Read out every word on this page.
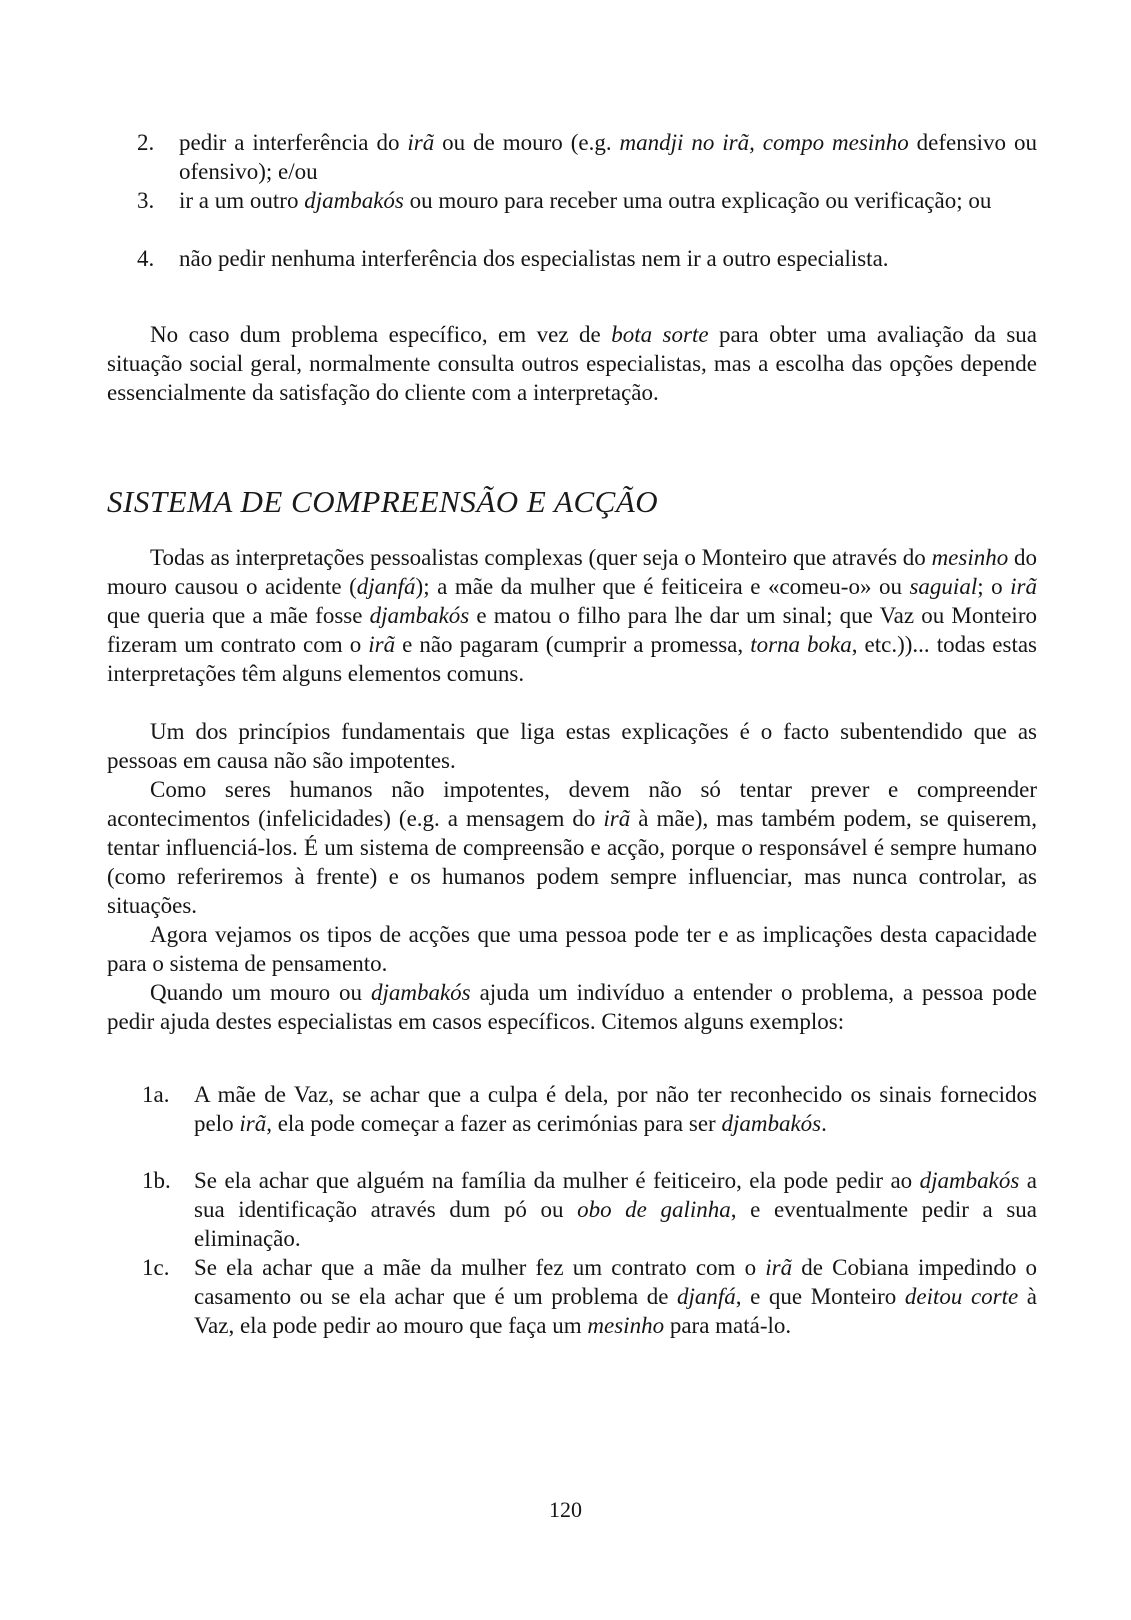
2.	pedir a interferência do irã ou de mouro (e.g. mandji no irã, compo mesinho defensivo ou ofensivo); e/ou
3.	ir a um outro djambakós ou mouro para receber uma outra explicação ou verificação; ou
4.	não pedir nenhuma interferência dos especialistas nem ir a outro especialista.
No caso dum problema específico, em vez de bota sorte para obter uma avaliação da sua situação social geral, normalmente consulta outros especialistas, mas a escolha das opções depende essencialmente da satisfação do cliente com a interpretação.
SISTEMA DE COMPREENSÃO E ACÇÃO
Todas as interpretações pessoalistas complexas (quer seja o Monteiro que através do mesinho do mouro causou o acidente (djanfá); a mãe da mulher que é feiticeira e «comeu-o» ou saguial; o irã que queria que a mãe fosse djambakós e matou o filho para lhe dar um sinal; que Vaz ou Monteiro fizeram um contrato com o irã e não pagaram (cumprir a promessa, torna boka, etc.))... todas estas interpretações têm alguns elementos comuns.
Um dos princípios fundamentais que liga estas explicações é o facto subentendido que as pessoas em causa não são impotentes.
Como seres humanos não impotentes, devem não só tentar prever e compreender acontecimentos (infelicidades) (e.g. a mensagem do irã à mãe), mas também podem, se quiserem, tentar influenciá-los. É um sistema de compreensão e acção, porque o responsável é sempre humano (como referiremos à frente) e os humanos podem sempre influenciar, mas nunca controlar, as situações.
Agora vejamos os tipos de acções que uma pessoa pode ter e as implicações desta capacidade para o sistema de pensamento.
Quando um mouro ou djambakós ajuda um indivíduo a entender o problema, a pessoa pode pedir ajuda destes especialistas em casos específicos. Citemos alguns exemplos:
1a.	A mãe de Vaz, se achar que a culpa é dela, por não ter reconhecido os sinais fornecidos pelo irã, ela pode começar a fazer as cerimónias para ser djambakós.
1b.	Se ela achar que alguém na família da mulher é feiticeiro, ela pode pedir ao djambakós a sua identificação através dum pó ou obo de galinha, e eventualmente pedir a sua eliminação.
1c.	Se ela achar que a mãe da mulher fez um contrato com o irã de Cobiana impedindo o casamento ou se ela achar que é um problema de djanfá, e que Monteiro deitou corte à Vaz, ela pode pedir ao mouro que faça um mesinho para matá-lo.
120
